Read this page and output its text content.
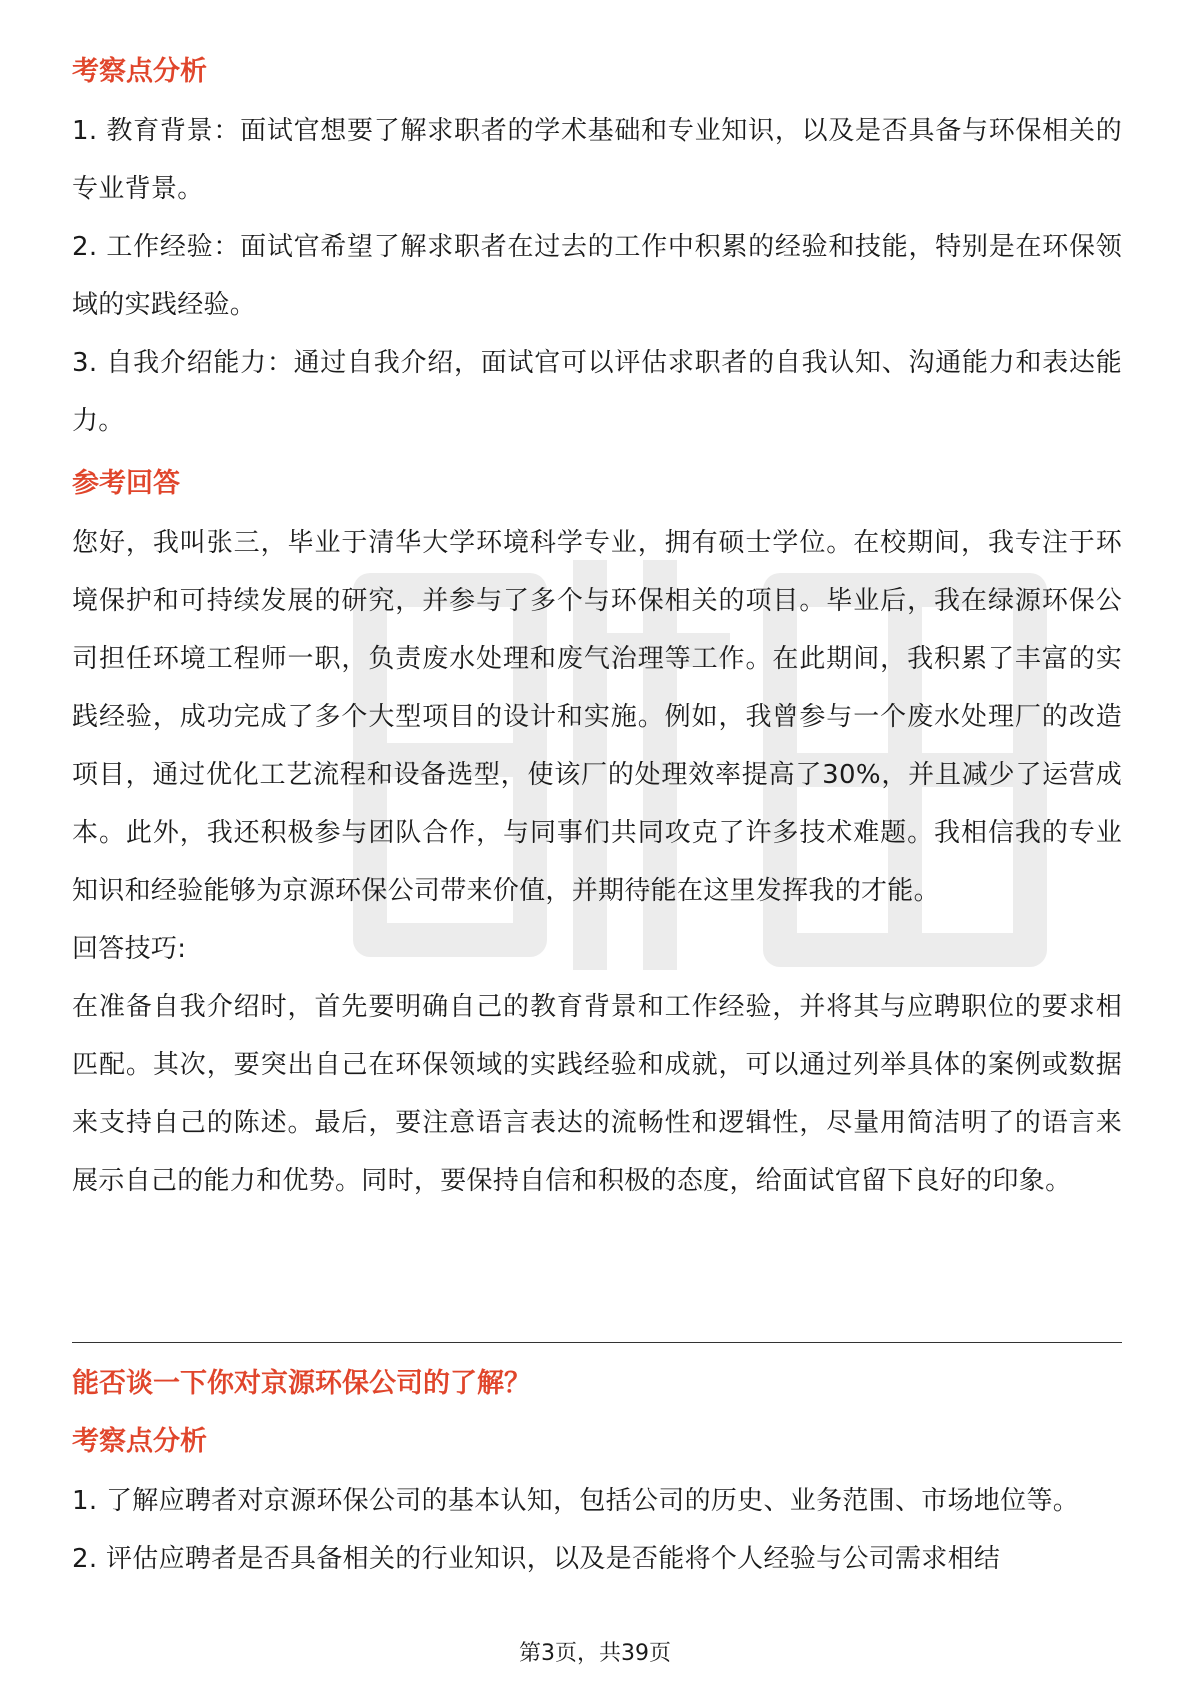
考察点分析

1. 教育背景：面试官想要了解求职者的学术基础和专业知识，以及是否具备与环保相关的专业背景。

2. 工作经验：面试官希望了解求职者在过去的工作中积累的经验和技能，特别是在环保领域的实践经验。

3. 自我介绍能力：通过自我介绍，面试官可以评估求职者的自我认知、沟通能力和表达能力。

参考回答

您好，我叫张三，毕业于清华大学环境科学专业，拥有硕士学位。在校期间，我专注于环境保护和可持续发展的研究，并参与了多个与环保相关的项目。毕业后，我在绿源环保公司担任环境工程师一职，负责废水处理和废气治理等工作。在此期间，我积累了丰富的实践经验，成功完成了多个大型项目的设计和实施。例如，我曾参与一个废水处理厂的改造项目，通过优化工艺流程和设备选型，使该厂的处理效率提高了30%，并且减少了运营成本。此外，我还积极参与团队合作，与同事们共同攻克了许多技术难题。我相信我的专业知识和经验能够为京源环保公司带来价值，并期待能在这里发挥我的才能。

回答技巧:

在准备自我介绍时，首先要明确自己的教育背景和工作经验，并将其与应聘职位的要求相匹配。其次，要突出自己在环保领域的实践经验和成就，可以通过列举具体的案例或数据来支持自己的陈述。最后，要注意语言表达的流畅性和逻辑性，尽量用简洁明了的语言来展示自己的能力和优势。同时，要保持自信和积极的态度，给面试官留下良好的印象。

能否谈一下你对京源环保公司的了解？
考察点分析

1. 了解应聘者对京源环保公司的基本认知，包括公司的历史、业务范围、市场地位等。

2. 评估应聘者是否具备相关的行业知识，以及是否能将个人经验与公司需求相结

第3页，共39页
